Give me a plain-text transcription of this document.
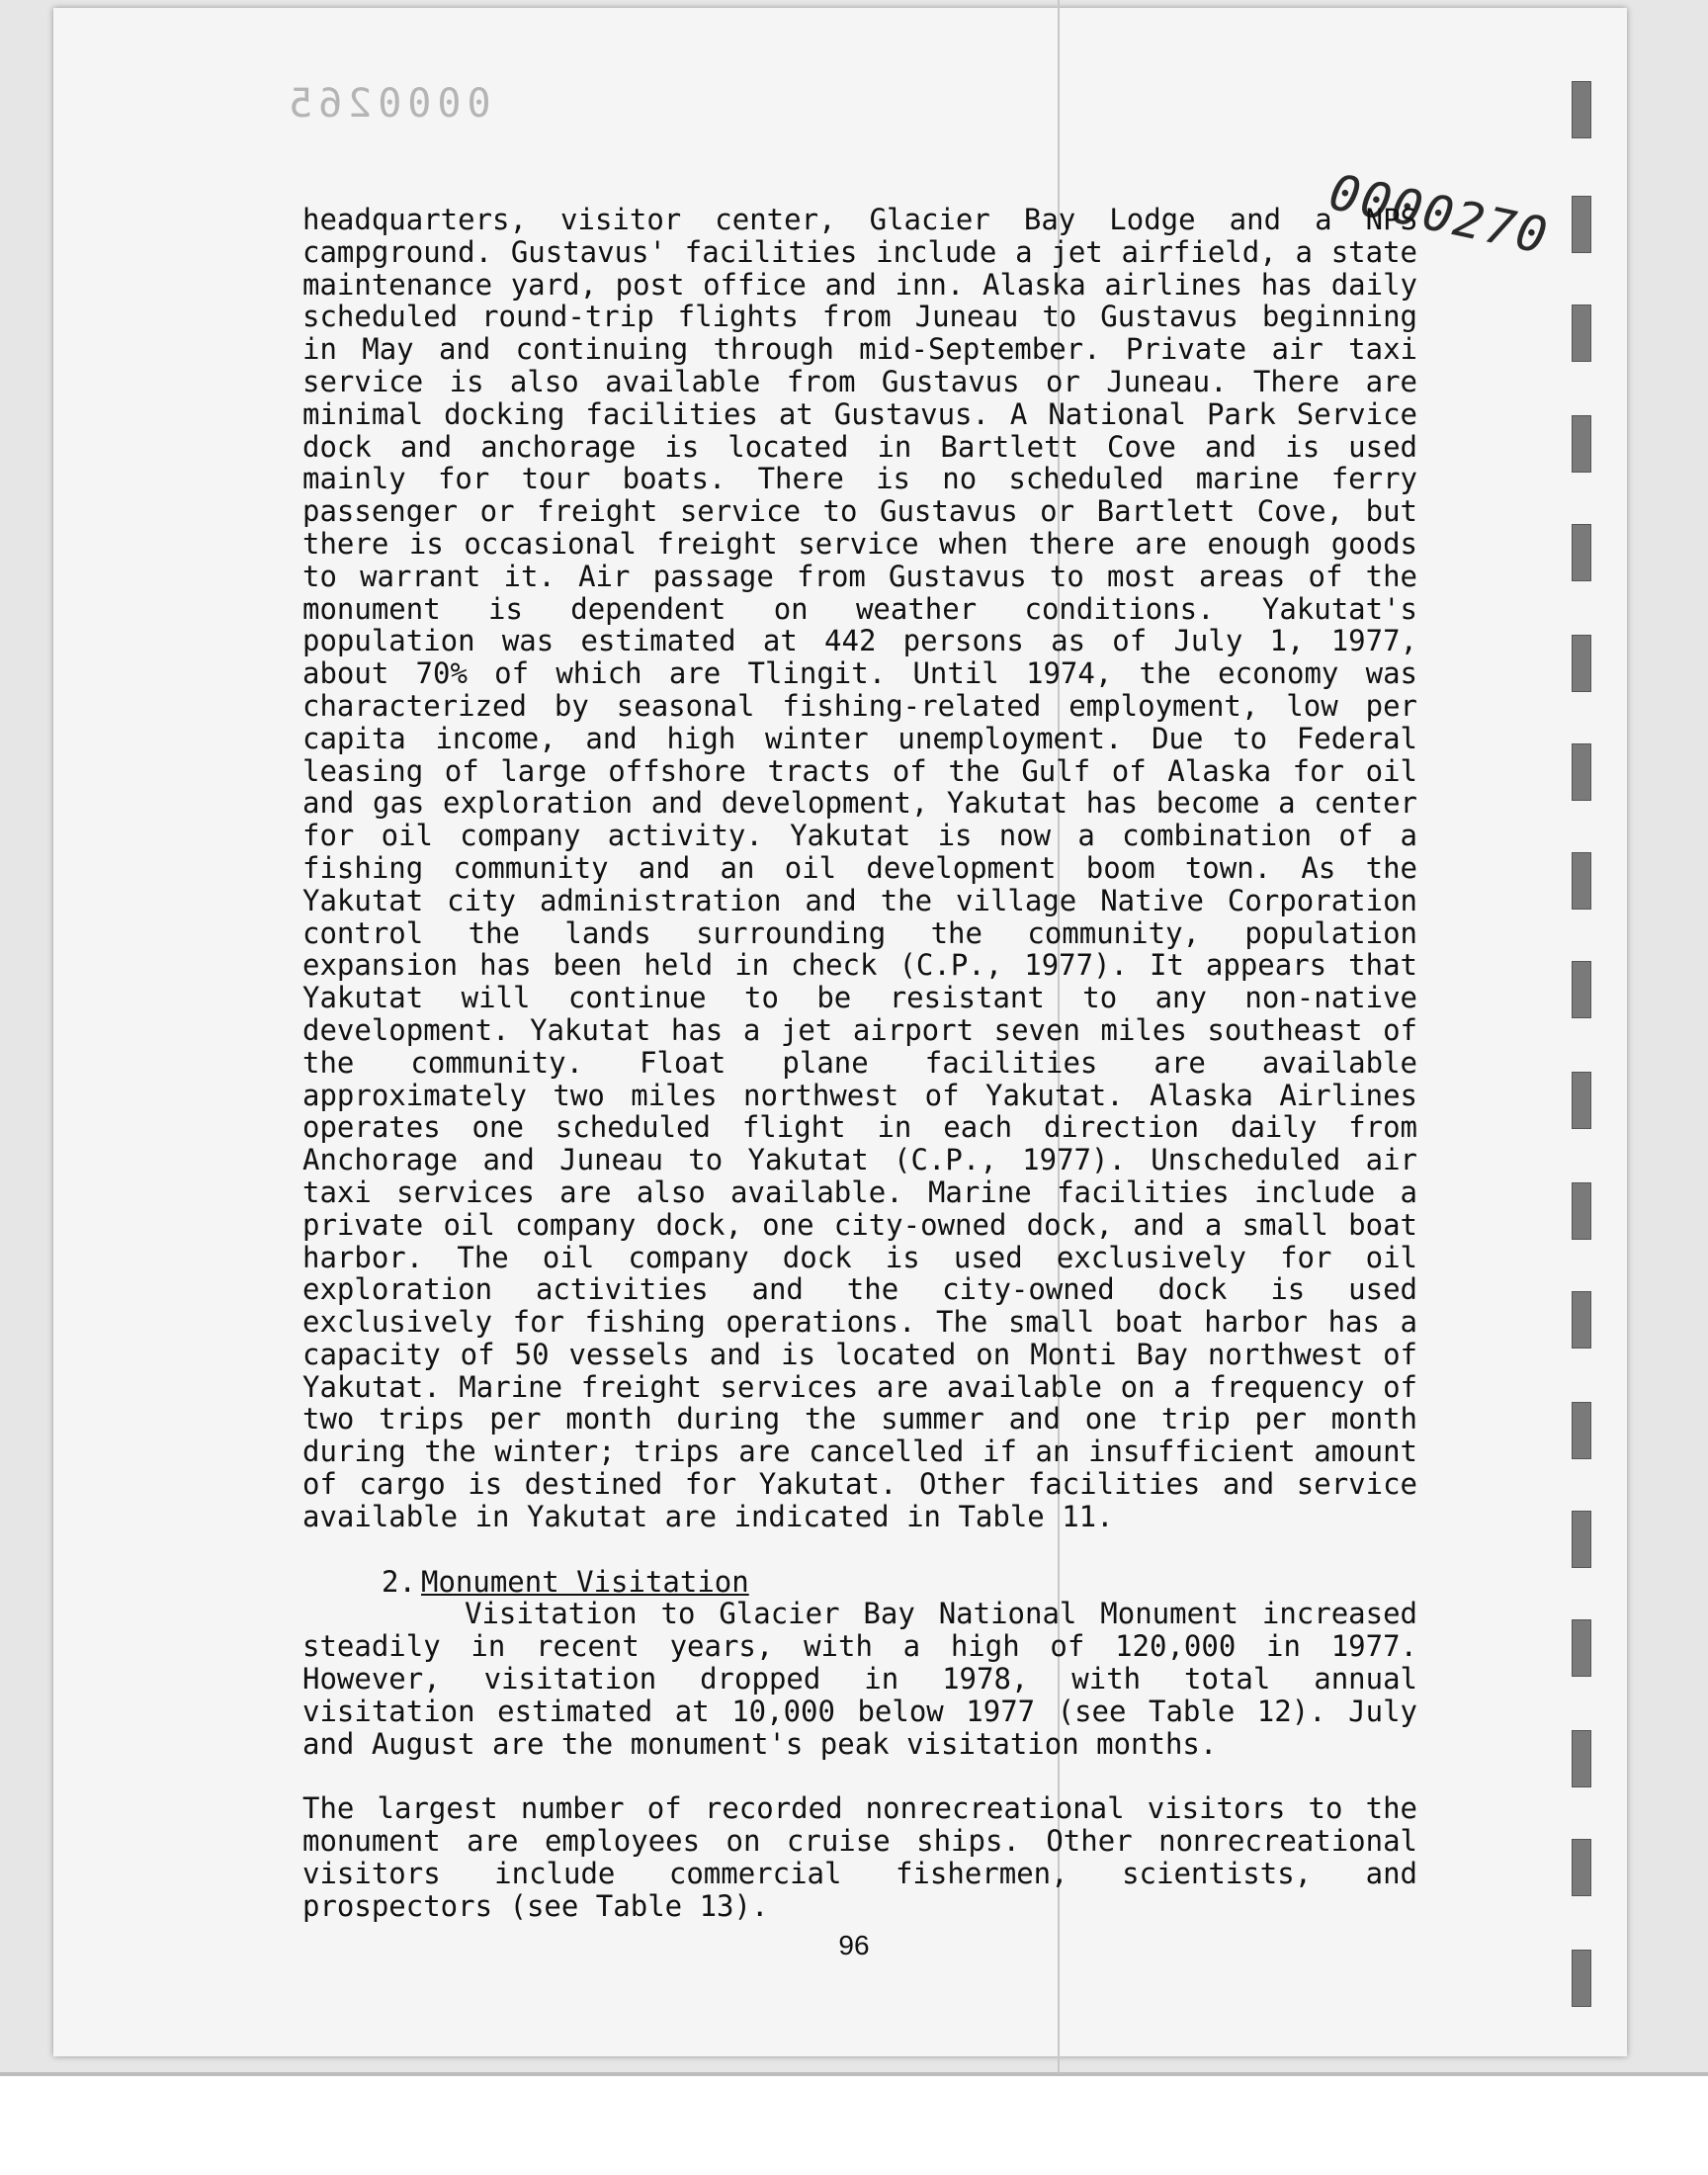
0000265
0000270

headquarters, visitor center, Glacier Bay Lodge and a NPS campground. Gustavus' facilities include a jet airfield, a state maintenance yard, post office and inn. Alaska airlines has daily scheduled round-trip flights from Juneau to Gustavus beginning in May and continuing through mid-September. Private air taxi service is also available from Gustavus or Juneau. There are minimal docking facilities at Gustavus. A National Park Service dock and anchorage is located in Bartlett Cove and is used mainly for tour boats. There is no scheduled marine ferry passenger or freight service to Gustavus or Bartlett Cove, but there is occasional freight service when there are enough goods to warrant it. Air passage from Gustavus to most areas of the monument is dependent on weather conditions. Yakutat's population was estimated at 442 persons as of July 1, 1977, about 70% of which are Tlingit. Until 1974, the economy was characterized by seasonal fishing-related employment, low per capita income, and high winter unemployment. Due to Federal leasing of large offshore tracts of the Gulf of Alaska for oil and gas exploration and development, Yakutat has become a center for oil company activity. Yakutat is now a combination of a fishing community and an oil development boom town. As the Yakutat city administration and the village Native Corporation control the lands surrounding the community, population expansion has been held in check (C.P., 1977). It appears that Yakutat will continue to be resistant to any non-native development. Yakutat has a jet airport seven miles southeast of the community. Float plane facilities are available approximately two miles northwest of Yakutat. Alaska Airlines operates one scheduled flight in each direction daily from Anchorage and Juneau to Yakutat (C.P., 1977). Unscheduled air taxi services are also available. Marine facilities include a private oil company dock, one city-owned dock, and a small boat harbor. The oil company dock is used exclusively for oil exploration activities and the city-owned dock is used exclusively for fishing operations. The small boat harbor has a capacity of 50 vessels and is located on Monti Bay northwest of Yakutat. Marine freight services are available on a frequency of two trips per month during the summer and one trip per month during the winter; trips are cancelled if an insufficient amount of cargo is destined for Yakutat. Other facilities and service available in Yakutat are indicated in Table 11.

2. Monument Visitation

Visitation to Glacier Bay National Monument increased steadily in recent years, with a high of 120,000 in 1977. However, visitation dropped in 1978, with total annual visitation estimated at 10,000 below 1977 (see Table 12). July and August are the monument's peak visitation months.

The largest number of recorded nonrecreational visitors to the monument are employees on cruise ships. Other nonrecreational visitors include commercial fishermen, scientists, and prospectors (see Table 13).

96
